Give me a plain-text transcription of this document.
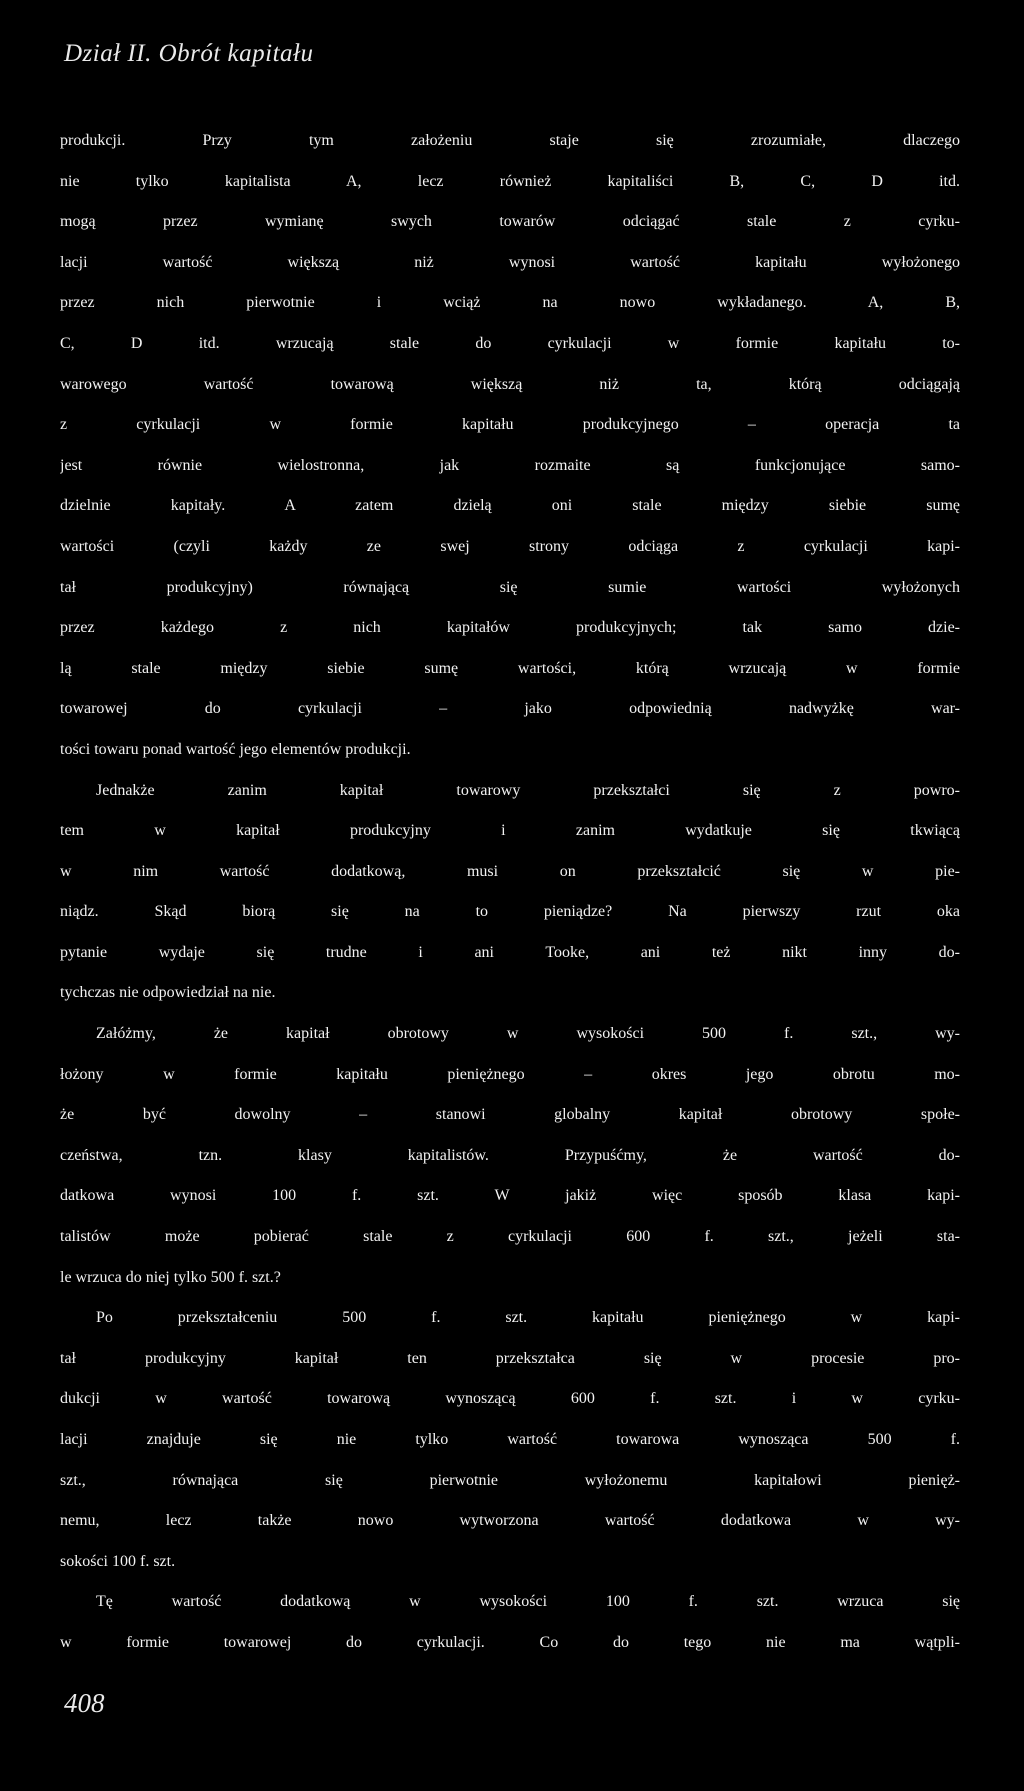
Dział II. Obrót kapitału
produkcji. Przy tym założeniu staje się zrozumiałe, dlaczego
nie tylko kapitalista A, lecz również kapitaliści B, C, D itd.
mogą przez wymianę swych towarów odciągać stale z cyrku-
lacji wartość większą niż wynosi wartość kapitału wyłożonego
przez nich pierwotnie i wciąż na nowo wykładanego. A, B,
C, D itd. wrzucają stale do cyrkulacji w formie kapitału to-
warowego wartość towarową większą niż ta, którą odciągają
z cyrkulacji w formie kapitału produkcyjnego – operacja ta
jest równie wielostronna, jak rozmaite są funkcjonujące samo-
dzielnie kapitały. A zatem dzielą oni stale między siebie sumę
wartości (czyli każdy ze swej strony odciąga z cyrkulacji kapi-
tał produkcyjny) równającą się sumie wartości wyłożonych
przez każdego z nich kapitałów produkcyjnych; tak samo dzie-
lą stale między siebie sumę wartości, którą wrzucają w formie
towarowej do cyrkulacji – jako odpowiednią nadwyżkę war-
tości towaru ponad wartość jego elementów produkcji.
Jednakże zanim kapitał towarowy przekształci się z powro-
tem w kapitał produkcyjny i zanim wydatkuje się tkwiącą
w nim wartość dodatkową, musi on przekształcić się w pie-
niądz. Skąd biorą się na to pieniądze? Na pierwszy rzut oka
pytanie wydaje się trudne i ani Tooke, ani też nikt inny do-
tychczas nie odpowiedział na nie.
Załóżmy, że kapitał obrotowy w wysokości 500 f. szt., wy-
łożony w formie kapitału pieniężnego – okres jego obrotu mo-
że być dowolny – stanowi globalny kapitał obrotowy społe-
czeństwa, tzn. klasy kapitalistów. Przypuśćmy, że wartość do-
datkowa wynosi 100 f. szt. W jakiż więc sposób klasa kapi-
talistów może pobierać stale z cyrkulacji 600 f. szt., jeżeli sta-
le wrzuca do niej tylko 500 f. szt.?
Po przekształceniu 500 f. szt. kapitału pieniężnego w kapi-
tał produkcyjny kapitał ten przekształca się w procesie pro-
dukcji w wartość towarową wynoszącą 600 f. szt. i w cyrku-
lacji znajduje się nie tylko wartość towarowa wynosząca 500 f.
szt., równająca się pierwotnie wyłożonemu kapitałowi pienięż-
nemu, lecz także nowo wytworzona wartość dodatkowa w wy-
sokości 100 f. szt.
Tę wartość dodatkową w wysokości 100 f. szt. wrzuca się
w formie towarowej do cyrkulacji. Co do tego nie ma wątpli-
408
